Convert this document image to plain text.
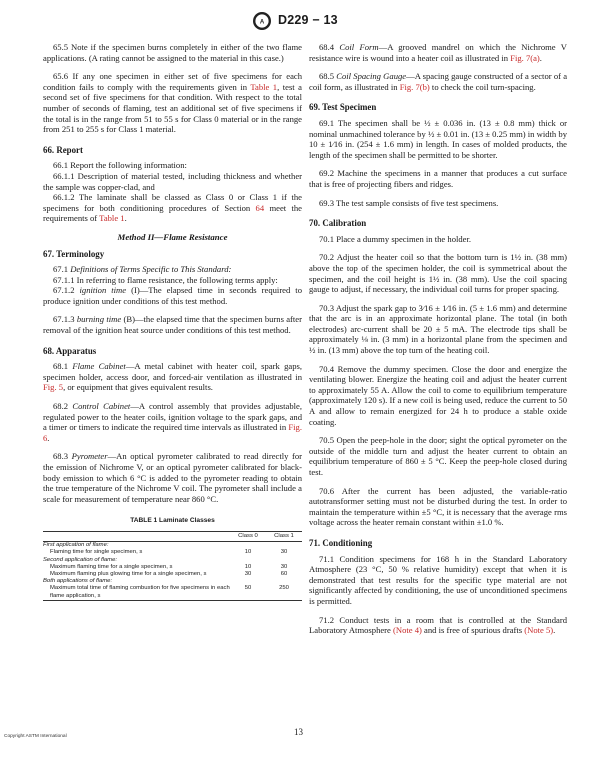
A D229 − 13

65.5 Note if the specimen burns completely in either of the two flame applications. (A rating cannot be assigned to the material in this case.)

65.6 If any one specimen in either set of five specimens for each condition fails to comply with the requirements given in Table 1, test a second set of five specimens for that condition. With respect to the total number of seconds of flaming, test an additional set of five specimens if the total is in the range from 51 to 55 s for Class 0 material or in the range from 251 to 255 s for Class 1 material.

66. Report

66.1 Report the following information:

66.1.1 Description of material tested, including thickness and whether the sample was copper-clad, and

66.1.2 The laminate shall be classed as Class 0 or Class 1 if the specimens for both conditioning procedures of Section 64 meet the requirements of Table 1.

Method II—Flame Resistance
67. Terminology

67.1 Definitions of Terms Specific to This Standard:

67.1.1 In referring to flame resistance, the following terms apply:

67.1.2 ignition time (I)—The elapsed time in seconds required to produce ignition under conditions of this test method.

67.1.3 burning time (B)—the elapsed time that the specimen burns after removal of the ignition heat source under conditions of this test method.

68. Apparatus

68.1 Flame Cabinet—A metal cabinet with heater coil, spark gaps, specimen holder, access door, and forced-air ventilation as illustrated in Fig. 5, or equipment that gives equivalent results.

68.2 Control Cabinet—A control assembly that provides adjustable, regulated power to the heater coils, ignition voltage to the spark gaps, and a timer or timers to indicate the required time intervals as illustrated in Fig. 6.

68.3 Pyrometer—An optical pyrometer calibrated to read directly for the emission of Nichrome V, or an optical pyrometer calibrated for black-body emission to which 6 °C is added to the pyrometer reading to obtain the true temperature of the Nichrome V coil. The pyrometer shall include a scale for measurement of temperature near 860 °C.

TABLE 1 Laminate Classes
	Class 0	Class 1
First application of flame:		
Flaming time for single specimen, s	10	30
Second application of flame:		
Maximum flaming time for a single specimen, s	10	30
Maximum flaming plus glowing time for a single specimen, s	30	60
Both applications of flame:		
Maximum total time of flaming combustion for five specimens in each flame application, s	50	250

68.4 Coil Form—A grooved mandrel on which the Nichrome V resistance wire is wound into a heater coil as illustrated in Fig. 7(a).

68.5 Coil Spacing Gauge—A spacing gauge constructed of a sector of a coil form, as illustrated in Fig. 7(b) to check the coil turn-spacing.

69. Test Specimen

69.1 The specimen shall be ½ ± 0.036 in. (13 ± 0.8 mm) thick or nominal unmachined tolerance by ½ ± 0.01 in. (13 ± 0.25 mm) in width by 10 ± 1⁄16 in. (254 ± 1.6 mm) in length. In cases of molded products, the length of the specimen shall be permitted to be shorter.

69.2 Machine the specimens in a manner that produces a cut surface that is free of projecting fibers and ridges.

69.3 The test sample consists of five test specimens.

70. Calibration

70.1 Place a dummy specimen in the holder.

70.2 Adjust the heater coil so that the bottom turn is 1½ in. (38 mm) above the top of the specimen holder, the coil is symmetrical about the specimen, and the coil height is 1½ in. (38 mm). Use the coil spacing gauge to adjust, if necessary, the individual coil turns for proper spacing.

70.3 Adjust the spark gap to 3⁄16 ± 1⁄16 in. (5 ± 1.6 mm) and determine that the arc is in an approximate horizontal plane. The total (in both electrodes) arc-current shall be 20 ± 5 mA. The electrode tips shall be approximately ⅛ in. (3 mm) in a horizontal plane from the specimen and ½ in. (13 mm) above the top turn of the heating coil.

70.4 Remove the dummy specimen. Close the door and energize the ventilating blower. Energize the heating coil and adjust the heater current to approximately 55 A. Allow the coil to come to equilibrium temperature (approximately 120 s). If a new coil is being used, reduce the current to 50 A and allow to remain energized for 24 h to produce a stable oxide coating.

70.5 Open the peep-hole in the door; sight the optical pyrometer on the outside of the middle turn and adjust the heater current to obtain an equilibrium temperature of 860 ± 5 °C. Keep the peep-hole closed during test.

70.6 After the current has been adjusted, the variable-ratio autotransformer setting must not be disturbed during the test. In order to maintain the temperature within ±5 °C, it is necessary that the average rms voltage across the heater remain constant within ±1.0 %.

71. Conditioning

71.1 Condition specimens for 168 h in the Standard Laboratory Atmosphere (23 °C, 50 % relative humidity) except that when it is demonstrated that test results for the specific type material are not significantly affected by conditioning, the use of unconditioned specimens is permitted.

71.2 Conduct tests in a room that is controlled at the Standard Laboratory Atmosphere (Note 4) and is free of spurious drafts (Note 5).

Copyright ASTM International	13
